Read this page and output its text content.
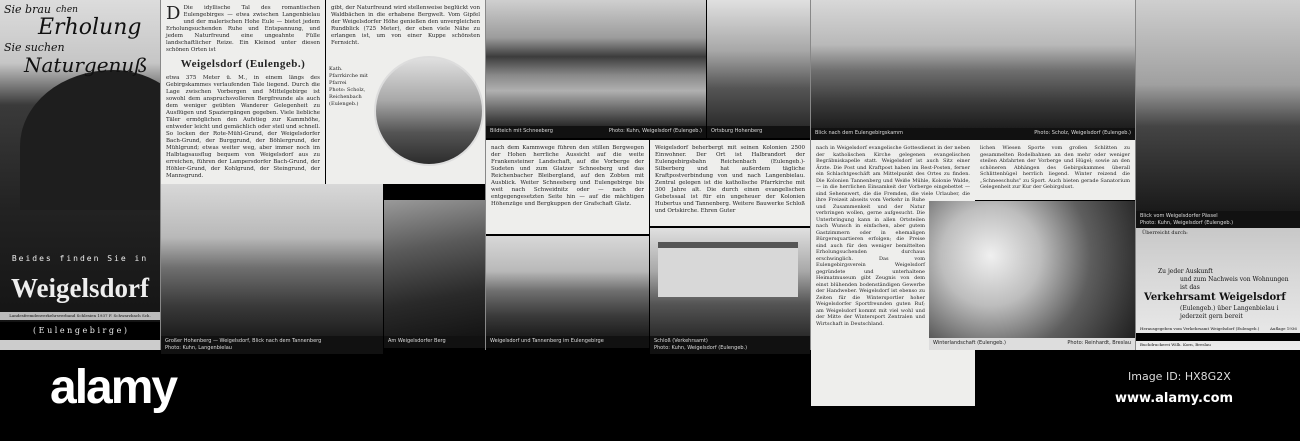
Sie brau chen
Erholung
Sie suchen
Naturgenuß
Beides finden Sie in
Weigelsdorf
Landesfremdenverkehrsverband Schlesien 1937 F. Schwarzbach Sch.
( E u l e n g e b i r g e )
D Die idyllische Tal des romantischen Eulengebirges — etwa zwischen Langenbielau und der malerischen Hohe Eule — bietet jedem Erholungsuchenden Ruhe und Entspannung, und jedem Naturfreund eine ungeahnte Fülle landschaftlicher Reize. Ein Kleinod unter diesen schönen Orten ist
Weigelsdorf (Eulengeb.)
etwa 375 Meter ü. M., in einem längs des Gebirgskammes verlaufenden Tale liegend. Durch die Lage zwischen Vorbergen und Mittelgebirge ist sowohl dem anspruchsvolleren Bergfreunde als auch dem weniger geübten Wanderer Gelegenheit zu Ausflügen und Spaziergängen gegeben. Viele liebliche Täler ermöglichen den Aufstieg zur Kammhöhe, entweder leicht und gemächlich oder steil und schnell. So locken der Rote-Mühl-Grund, der Weigelsdorfer Bach-Grund, der Burggrund, der Böhlergrund, der Mühlgrund; etwas weiter weg, aber immer noch im Halbtagsausflug bequem von Weigelsdorf aus zu erreichen, führen der Lampersdorfer Bach-Grund, der Höhler-Grund, der Kohlgrund, der Steingrund, der Mannsgrund.
Großer Hohenberg — Weigelsdorf, Blick nach dem Tannenberg
Photo: Kuhn, Langenbielau
gibt, der Naturfreund wird stellenweise beglückt von Waldbächen in die erhabene Bergwelt. Vom Gipfel der Weigelsdorfer Höhe genießen den unvergleichen Rundblick (725 Meter), der eben viele Nähe zu erlangen ist, um von einer Kuppe schönsten Fernsicht.
Kath. Pfarrkirche mit Pfarrei
Photo: Scholz, Reichenbach (Eulengeb.)
Am Weigelsdorfer Berg
Bildteich mit Schneeberg	Photo: Kuhn, Weigelsdorf (Eulengeb.) Ortsburg Hohenberg
nach dem Kammwege führen den stillen Bergwegen der Hohen herrliche Aussicht auf die weite Frankensteiner Landschaft, auf die Vorberge der Sudeten und zum Glatzer Schneeberg und das Reichenbacher Bleibergland, auf den Zobten mit Ausblick. Weiter Schneeberg und Eulengebirge bis weit nach Schweidnitz oder — nach der entgegengesetzten Seite hin — auf die mächtigen Höhenzüge und Bergkuppen der Grafschaft Glatz.
Weigelsdorf beherbergt mit seinen Kolonien 2500 Einwohner. Der Ort ist Halbrandort der Eulengebirgsbahn Reichenbach (Eulengeb.)-Silberberg und hat außerdem tägliche Kraftpostverbindung von und nach Langenbielau. Zentral gelegen ist die katholische Pfarrkirche mit 300 Jahre alt. Die durch einen evangelischen Gebetssaal ist für ein ungeheuer der Kolonien Hubertus und Tannenberg. Weitere Bauwerke Schloß und Ortskirche. Ehren Guter
Weigelsdorf und Tannenberg im Eulengebirge	Schloß (Verkehrsamt)
Photo: Kuhn, Weigelsdorf (Eulengeb.)
Blick nach dem Eulengebirgskamm	Photo: Scholz, Weigelsdorf (Eulengeb.)
nach in Weigelsdorf evangelische Gottesdienst in der neben der katholischen Kirche gelegenen evangelischen Begräbniskapelle statt. Weigelsdorf ist auch Sitz einer Ärzte. Die Post und Kraftpost haben im Rest-Posten, ferner ein Schlachtgeschäft am Mittelpunkt des Ortes zu finden. Die Kolonien Tannenberg und Weiße Mühle, Kolonie Walde, — in die herrlichen Einsamkeit der Vorberge eingebettet — sind Sehenswert, die die Fremden, die viele Urlauber, die ihre Freizeit abseits vom Verkehr in Ruhe und Zusammenkeit und der Natur verbringen wollen, gerne aufgesucht. Die Unterbringung kann in allen Ortsteilen nach Wunsch in einfachen, aber gutem Gastzimmern oder in ehemaligen Bürgersquartieren erfolgen; die Preise sind auch für den weniger bemittelten Erholungsuchenden durchaus erschwinglich. Das vom Eulengebirgsverein Weigelsdorf gegründete und unterhaltene Heimatmuseum gibt Zeugnis von dem einst blühenden bodenständigen Gewerbe der Handweber. Weigelsdorf ist ebenso zu Zeiten für die Wintersportler hoher Weigelsdorfer Sportfreunden guten Ruf; am Weigelsdorf kommt mit viel wohl und der Mitte der Wintersport Zentralen und Wirtschaft in Deutschland.
lichen Wiesen Sporte vom großen Schlitten zu gesammelten Rodelbahnen an den mehr oder weniger steilen Abfahrten der Vorberge und Hügel; sowie an den schöneren Abhängen des Gebirgskammes überall Schlittenhügel herrlich liegend. Winter reizend die „Schneeschuhs“ zu Sport. Auch bieten gerade Sanatorium Gelegenheit zur Kur der Gebirgslust.
Winterlandschaft (Eulengeb.)	Photo: Reinhardt, Breslau
Blick vom Weigelsdorfer Pässel
Photo: Kuhn, Weigelsdorf (Eulengeb.)
Überreicht durch:
Zu jeder Auskunft
und zum Nachweis von Wohnungen
ist das
Verkehrsamt Weigelsdorf
(Eulengeb.) über Langenbielau i
jederzeit gern bereit
Herausgegeben vom Verkehrsamt Weigelsdorf (Eulengeb.)	Auflage 1936
Buchdruckerei Wilh. Korn, Breslau
alamy	Image ID: HX8G2X
www.alamy.com
